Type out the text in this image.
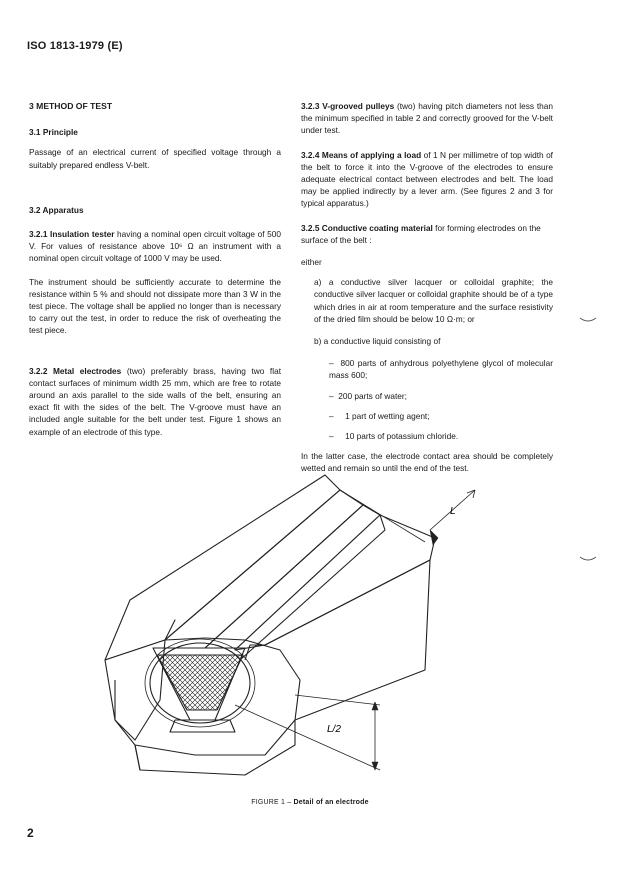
ISO 1813-1979 (E)

3 METHOD OF TEST

3.1 Principle

Passage of an electrical current of specified voltage through a suitably prepared endless V-belt.

3.2 Apparatus

3.2.1 Insulation tester having a nominal open circuit voltage of 500 V. For values of resistance above 10⁶ Ω an instrument with a nominal open circuit voltage of 1000 V may be used.

The instrument should be sufficiently accurate to determine the resistance within 5 % and should not dissipate more than 3 W in the test piece. The voltage shall be applied no longer than is necessary to carry out the test, in order to reduce the risk of overheating the test piece.

3.2.2 Metal electrodes (two) preferably brass, having two flat contact surfaces of minimum width 25 mm, which are free to rotate around an axis parallel to the side walls of the belt, ensuring an exact fit with the sides of the belt. The V-groove must have an included angle suitable for the belt under test. Figure 1 shows an example of an electrode of this type.

3.2.3 V-grooved pulleys (two) having pitch diameters not less than the minimum specified in table 2 and correctly grooved for the V-belt under test.

3.2.4 Means of applying a load of 1 N per millimetre of top width of the belt to force it into the V-groove of the electrodes to ensure adequate electrical contact between electrodes and belt. The load may be applied indirectly by a lever arm. (See figures 2 and 3 for typical apparatus.)

3.2.5 Conductive coating material for forming electrodes on the surface of the belt :

either

a) a conductive silver lacquer or colloidal graphite; the conductive silver lacquer or colloidal graphite should be of a type which dries in air at room temperature and the surface resistivity of the dried film should be below 10 Ω·m; or

b) a conductive liquid consisting of

–  800 parts of anhydrous polyethylene glycol of molecular mass 600;

–  200 parts of water;

–     1 part of wetting agent;

–     10 parts of potassium chloride.

In the latter case, the electrode contact area should be completely wetted and remain so until the end of the test.

L
L/2
FIGURE 1 – Detail of an electrode
2
